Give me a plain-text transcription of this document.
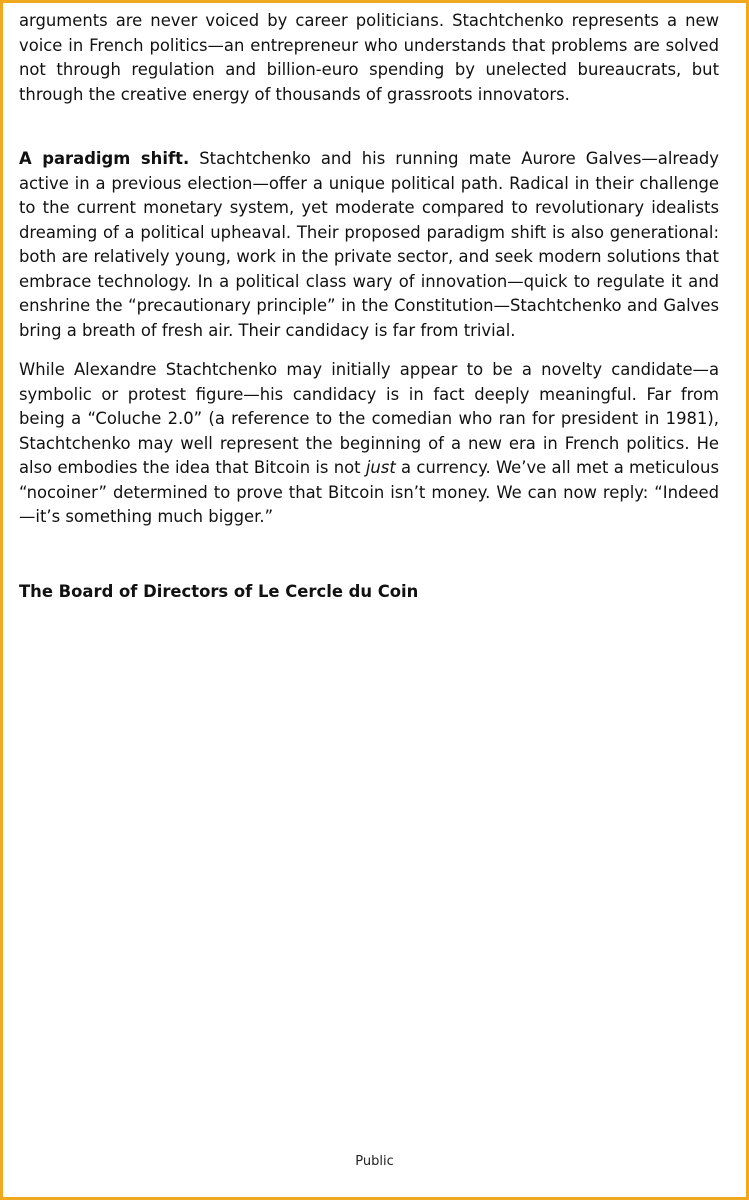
arguments are never voiced by career politicians. Stachtchenko represents a new voice in French politics—an entrepreneur who understands that problems are solved not through regulation and billion-euro spending by unelected bureaucrats, but through the creative energy of thousands of grassroots innovators.

A paradigm shift. Stachtchenko and his running mate Aurore Galves—already active in a previous election—offer a unique political path. Radical in their challenge to the current monetary system, yet moderate compared to revolutionary idealists dreaming of a political upheaval. Their proposed paradigm shift is also generational: both are relatively young, work in the private sector, and seek modern solutions that embrace technology. In a political class wary of innovation—quick to regulate it and enshrine the “precautionary principle” in the Constitution—Stachtchenko and Galves bring a breath of fresh air. Their candidacy is far from trivial.

While Alexandre Stachtchenko may initially appear to be a novelty candidate—a symbolic or protest figure—his candidacy is in fact deeply meaningful. Far from being a “Coluche 2.0” (a reference to the comedian who ran for president in 1981), Stachtchenko may well represent the beginning of a new era in French politics. He also embodies the idea that Bitcoin is not just a currency. We’ve all met a meticulous “nocoiner” determined to prove that Bitcoin isn’t money. We can now reply: “Indeed—it’s something much bigger.”

The Board of Directors of Le Cercle du Coin
Public
